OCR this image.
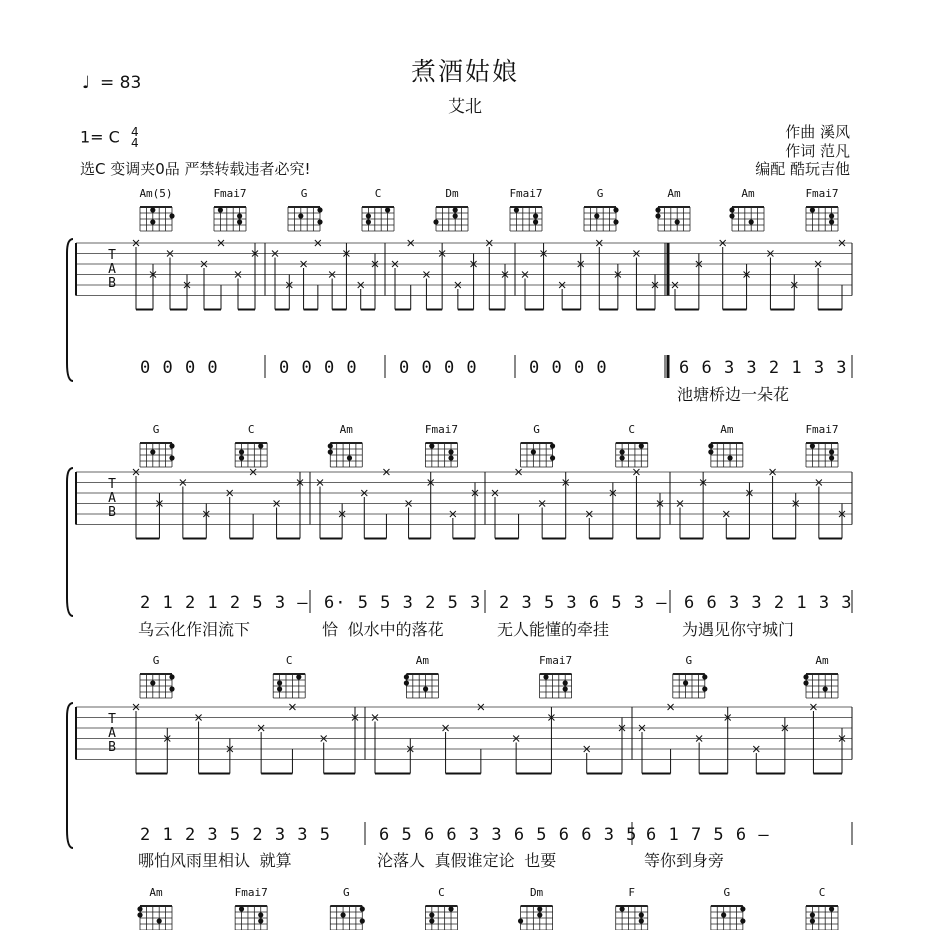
煮酒姑娘
艾北
♩ = 83
1= C 4
4
选C 变调夹0品 严禁转载违者必究!
作曲 溪风
作词 范凡
编配 酷玩吉他
Am(5)	Fmai7	G	C	Dm	Fmai7	G	Am	Am	Fmai7
T
A
B
0 0 0 0	0 0 0 0 0 0 0 0	0 0 0 0	6 6 3 3 2 1 3 3
池塘桥边一朵花
G	C	Am	Fmai7	G	C	Am	Fmai7
T
A
B
2 1 2 1 2 5 3 – 6· 5 5 3 2 5 3 2 3 5 3 6 5 3 – 6 6 3 3 2 1 3 3
乌云化作泪流下	恰 似水中的落花	无人能懂的牵挂	为遇见你守城门
G	C	Am	Fmai7	G	Am
T
A
B
2 1 2 3 5 2 3 3 5	6 5 6 6 3 3 6 5 6 6 3 5 6 1 7 5 6 –
哪怕风雨里相认 就算	沦落人 真假谁定论 也要	等你到身旁
Am	Fmai7	G	C	Dm	F	G	C
